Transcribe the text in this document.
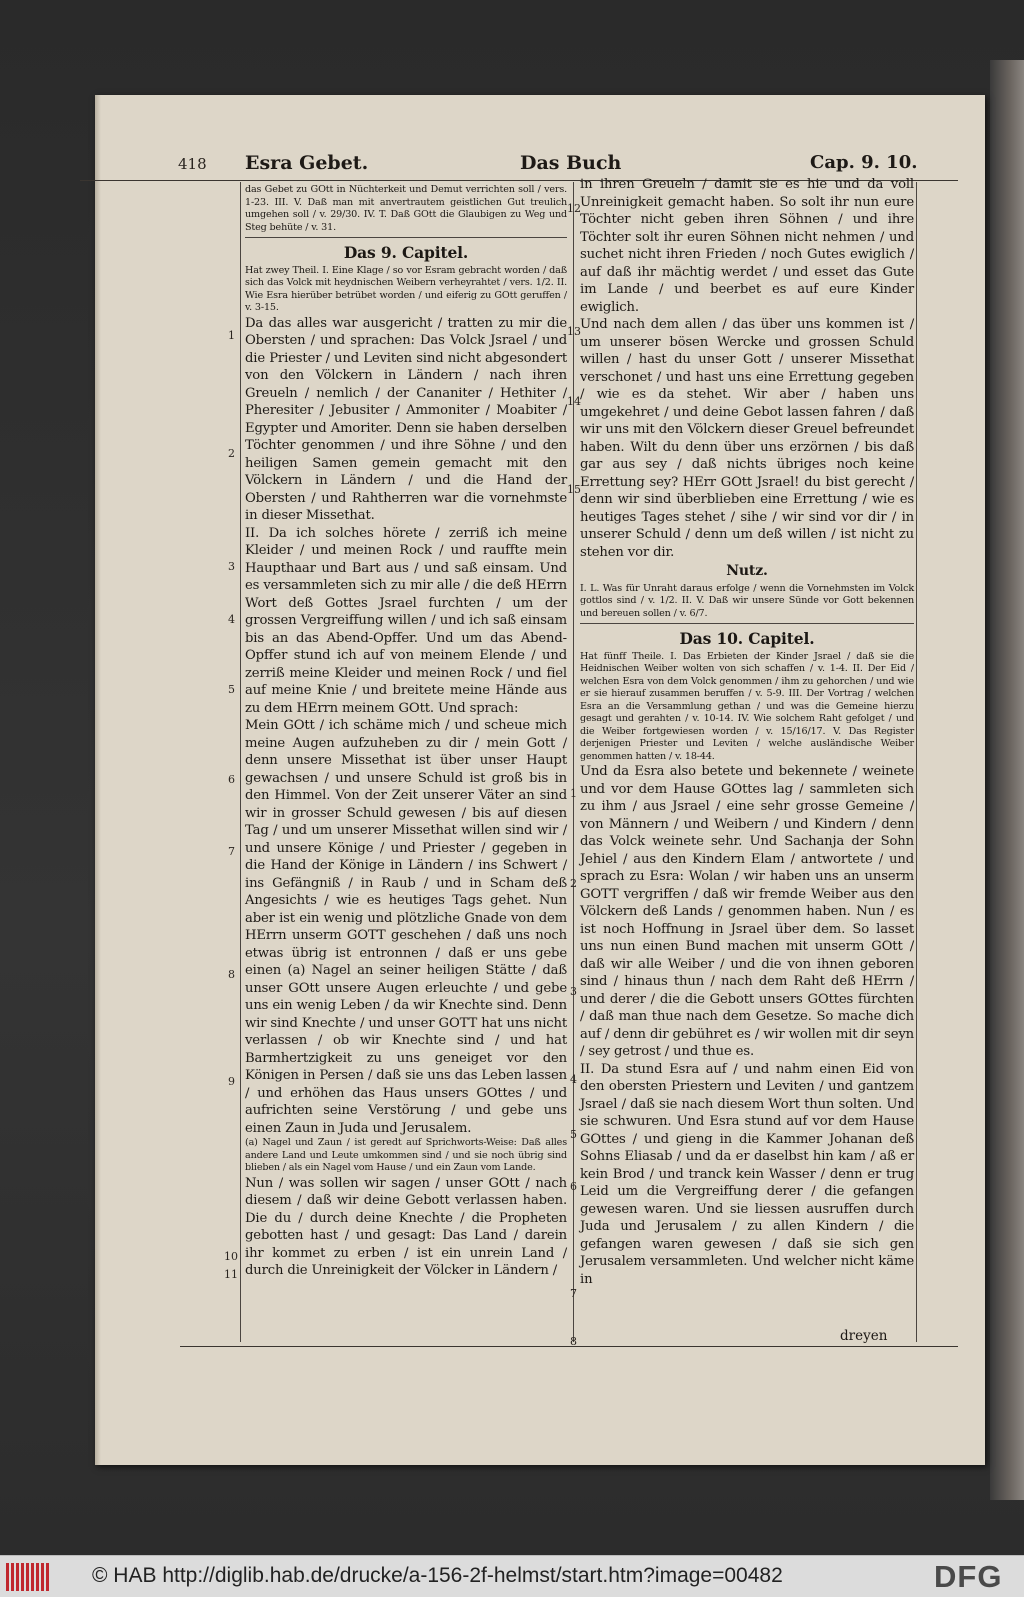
418 Esra Gebet.	Das Buch	Cap. 9. 10.
1
2
3
4
5
6
7
8
9
10
11
12
13
14
15
1
2
3
4
5
6
7
8

das Gebet zu GOtt in Nüchterkeit und Demut verrichten soll / vers. 1-23. III. V. Daß man mit anvertrautem geistlichen Gut treulich umgehen soll / v. 29/30. IV. T. Daß GOtt die Glaubigen zu Weg und Steg behüte / v. 31.

Das 9. Capitel.

Hat zwey Theil. I. Eine Klage / so vor Esram gebracht worden / daß sich das Volck mit heydnischen Weibern verheyrahtet / vers. 1/2. II. Wie Esra hierüber betrübet worden / und eiferig zu GOtt geruffen / v. 3-15.

Da das alles war ausgericht / tratten zu mir die Obersten / und sprachen: Das Volck Jsrael / und die Priester / und Leviten sind nicht abgesondert von den Völckern in Ländern / nach ihren Greueln / nemlich / der Cananiter / Hethiter / Pheresiter / Jebusiter / Ammoniter / Moabiter / Egypter und Amoriter. Denn sie haben derselben Töchter genommen / und ihre Söhne / und den heiligen Samen gemein gemacht mit den Völckern in Ländern / und die Hand der Obersten / und Rahtherren war die vornehmste in dieser Missethat.

II. Da ich solches hörete / zerriß ich meine Kleider / und meinen Rock / und rauffte mein Haupthaar und Bart aus / und saß einsam. Und es versammleten sich zu mir alle / die deß HErrn Wort deß Gottes Jsrael furchten / um der grossen Vergreiffung willen / und ich saß einsam bis an das Abend-Opffer. Und um das Abend-Opffer stund ich auf von meinem Elende / und zerriß meine Kleider und meinen Rock / und fiel auf meine Knie / und breitete meine Hände aus zu dem HErrn meinem GOtt. Und sprach:

Mein GOtt / ich schäme mich / und scheue mich meine Augen aufzuheben zu dir / mein Gott / denn unsere Missethat ist über unser Haupt gewachsen / und unsere Schuld ist groß bis in den Himmel. Von der Zeit unserer Väter an sind wir in grosser Schuld gewesen / bis auf diesen Tag / und um unserer Missethat willen sind wir / und unsere Könige / und Priester / gegeben in die Hand der Könige in Ländern / ins Schwert / ins Gefängniß / in Raub / und in Scham deß Angesichts / wie es heutiges Tags gehet. Nun aber ist ein wenig und plötzliche Gnade von dem HErrn unserm GOTT geschehen / daß uns noch etwas übrig ist entronnen / daß er uns gebe einen (a) Nagel an seiner heiligen Stätte / daß unser GOtt unsere Augen erleuchte / und gebe uns ein wenig Leben / da wir Knechte sind. Denn wir sind Knechte / und unser GOTT hat uns nicht verlassen / ob wir Knechte sind / und hat Barmhertzigkeit zu uns geneiget vor den Königen in Persen / daß sie uns das Leben lassen / und erhöhen das Haus unsers GOttes / und aufrichten seine Verstörung / und gebe uns einen Zaun in Juda und Jerusalem.

(a) Nagel und Zaun / ist geredt auf Sprichworts-Weise: Daß alles andere Land und Leute umkommen sind / und sie noch übrig sind blieben / als ein Nagel vom Hause / und ein Zaun vom Lande.

Nun / was sollen wir sagen / unser GOtt / nach diesem / daß wir deine Gebott verlassen haben. Die du / durch deine Knechte / die Propheten gebotten hast / und gesagt: Das Land / darein ihr kommet zu erben / ist ein unrein Land / durch die Unreinigkeit der Völcker in Ländern /

in ihren Greueln / damit sie es hie und da voll Unreinigkeit gemacht haben. So solt ihr nun eure Töchter nicht geben ihren Söhnen / und ihre Töchter solt ihr euren Söhnen nicht nehmen / und suchet nicht ihren Frieden / noch Gutes ewiglich / auf daß ihr mächtig werdet / und esset das Gute im Lande / und beerbet es auf eure Kinder ewiglich.

Und nach dem allen / das über uns kommen ist / um unserer bösen Wercke und grossen Schuld willen / hast du unser Gott / unserer Missethat verschonet / und hast uns eine Errettung gegeben / wie es da stehet. Wir aber / haben uns umgekehret / und deine Gebot lassen fahren / daß wir uns mit den Völckern dieser Greuel befreundet haben. Wilt du denn über uns erzörnen / bis daß gar aus sey / daß nichts übriges noch keine Errettung sey? HErr GOtt Jsrael! du bist gerecht / denn wir sind überblieben eine Errettung / wie es heutiges Tages stehet / sihe / wir sind vor dir / in unserer Schuld / denn um deß willen / ist nicht zu stehen vor dir.

Nutz.

I. L. Was für Unraht daraus erfolge / wenn die Vornehmsten im Volck gottlos sind / v. 1/2. II. V. Daß wir unsere Sünde vor Gott bekennen und bereuen sollen / v. 6/7.

Das 10. Capitel.

Hat fünff Theile. I. Das Erbieten der Kinder Jsrael / daß sie die Heidnischen Weiber wolten von sich schaffen / v. 1-4. II. Der Eid / welchen Esra von dem Volck genommen / ihm zu gehorchen / und wie er sie hierauf zusammen beruffen / v. 5-9. III. Der Vortrag / welchen Esra an die Versammlung gethan / und was die Gemeine hierzu gesagt und gerahten / v. 10-14. IV. Wie solchem Raht gefolget / und die Weiber fortgewiesen worden / v. 15/16/17. V. Das Register derjenigen Priester und Leviten / welche ausländische Weiber genommen hatten / v. 18-44.

Und da Esra also betete und bekennete / weinete und vor dem Hause GOttes lag / sammleten sich zu ihm / aus Jsrael / eine sehr grosse Gemeine / von Männern / und Weibern / und Kindern / denn das Volck weinete sehr. Und Sachanja der Sohn Jehiel / aus den Kindern Elam / antwortete / und sprach zu Esra: Wolan / wir haben uns an unserm GOTT vergriffen / daß wir fremde Weiber aus den Völckern deß Lands / genommen haben. Nun / es ist noch Hoffnung in Jsrael über dem. So lasset uns nun einen Bund machen mit unserm GOtt / daß wir alle Weiber / und die von ihnen geboren sind / hinaus thun / nach dem Raht deß HErrn / und derer / die die Gebott unsers GOttes fürchten / daß man thue nach dem Gesetze. So mache dich auf / denn dir gebühret es / wir wollen mit dir seyn / sey getrost / und thue es.

II. Da stund Esra auf / und nahm einen Eid von den obersten Priestern und Leviten / und gantzem Jsrael / daß sie nach diesem Wort thun solten. Und sie schwuren. Und Esra stund auf vor dem Hause GOttes / und gieng in die Kammer Johanan deß Sohns Eliasab / und da er daselbst hin kam / aß er kein Brod / und tranck kein Wasser / denn er trug Leid um die Vergreiffung derer / die gefangen gewesen waren. Und sie liessen ausruffen durch Juda und Jerusalem / zu allen Kindern / die gefangen waren gewesen / daß sie sich gen Jerusalem versammleten. Und welcher nicht käme in

dreyen
© HAB http://diglib.hab.de/drucke/a-156-2f-helmst/start.htm?image=00482	DFG
